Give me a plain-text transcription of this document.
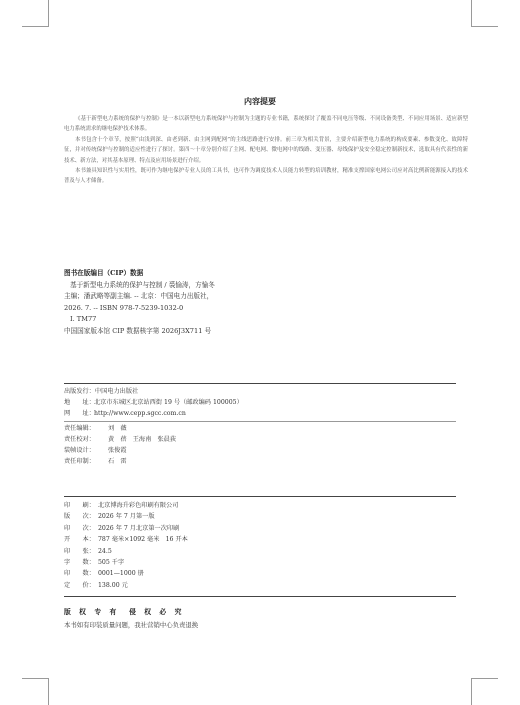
内容提要

《基于新型电力系统的保护与控制》是一本以新型电力系统保护与控制为主题的专业书籍，系统探讨了覆盖不同电压等级、不同设备类型、不同应用场景、适应新型电力系统需求的继电保护技术体系。

本书包含十个章节，按照“由浅到深、由老到新、由主网到配网”的主线思路进行安排。前三章为相关背景，主要介绍新型电力系统的构成要素、参数变化、故障特征，并对传统保护与控制的适应性进行了探讨。第四～十章分别介绍了主网、配电网、微电网中的线路、变压器、母线保护及安全稳定控制新技术，选取具有代表性的新技术、新方法，对其基本原理、特点及应用场景进行介绍。

本书兼具知识性与实用性，既可作为继电保护专业人员的工具书，也可作为调度技术人员能力转型的培训教材，精准支撑国家电网公司应对高比例新能源接入的技术普及与人才储备。

图书在版编目（CIP）数据
基于新型电力系统的保护与控制 / 裘愉涛，方愉冬
主编；潘武略等副主编. -- 北京：中国电力出版社，
2026. 7. -- ISBN 978-7-5239-1032-0
Ⅰ. TM77
中国国家版本馆 CIP 数据核字第 2026J3X711 号
出版发行：中国电力出版社
地　　址： 北京市东城区北京站西街 19 号（邮政编码 100005）
网　　址： http://www.cepp.sgcc.com.cn
责任编辑：	刘　薇
责任校对：	黄　蓓　王海南　张晨荻
装帧设计：	张俊霞
责任印制：	石　雷
印　　刷： 北京博海升彩色印刷有限公司
版　　次： 2026 年 7 月第一版
印　　次： 2026 年 7 月北京第一次印刷
开　　本： 787 毫米×1092 毫米　16 开本
印　　张： 24.5
字　　数： 505 千字
印　　数： 0001—1000 册
定　　价： 138.00 元
版 权 专 有　侵 权 必 究
本书如有印装质量问题，我社营销中心负责退换
